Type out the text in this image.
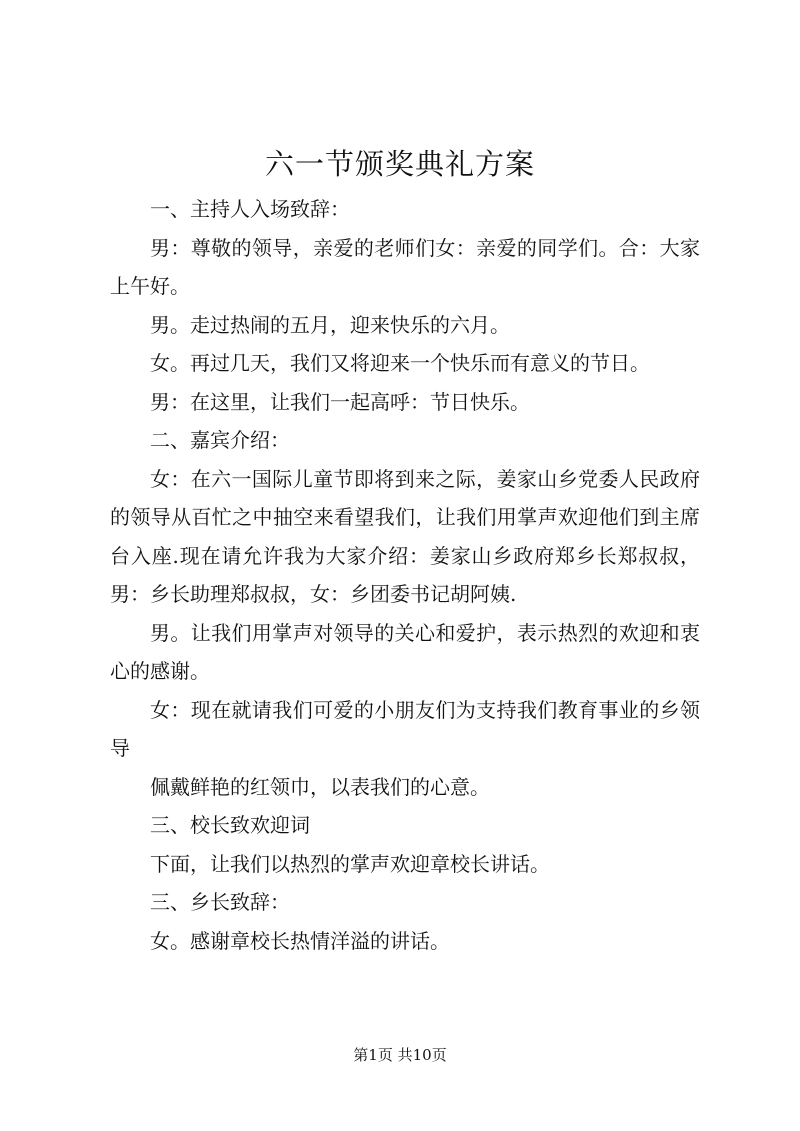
六一节颁奖典礼方案

一、主持人入场致辞：

男：尊敬的领导，亲爱的老师们女：亲爱的同学们。合：大家上午好。

男。走过热闹的五月，迎来快乐的六月。

女。再过几天，我们又将迎来一个快乐而有意义的节日。

男：在这里，让我们一起高呼：节日快乐。

二、嘉宾介绍：

女：在六一国际儿童节即将到来之际，姜家山乡党委人民政府的领导从百忙之中抽空来看望我们，让我们用掌声欢迎他们到主席台入座.现在请允许我为大家介绍：姜家山乡政府郑乡长郑叔叔，男：乡长助理郑叔叔，女：乡团委书记胡阿姨.

男。让我们用掌声对领导的关心和爱护，表示热烈的欢迎和衷心的感谢。

女：现在就请我们可爱的小朋友们为支持我们教育事业的乡领导

佩戴鲜艳的红领巾，以表我们的心意。

三、校长致欢迎词

下面，让我们以热烈的掌声欢迎章校长讲话。

三、乡长致辞：

女。感谢章校长热情洋溢的讲话。

第1页 共10页
